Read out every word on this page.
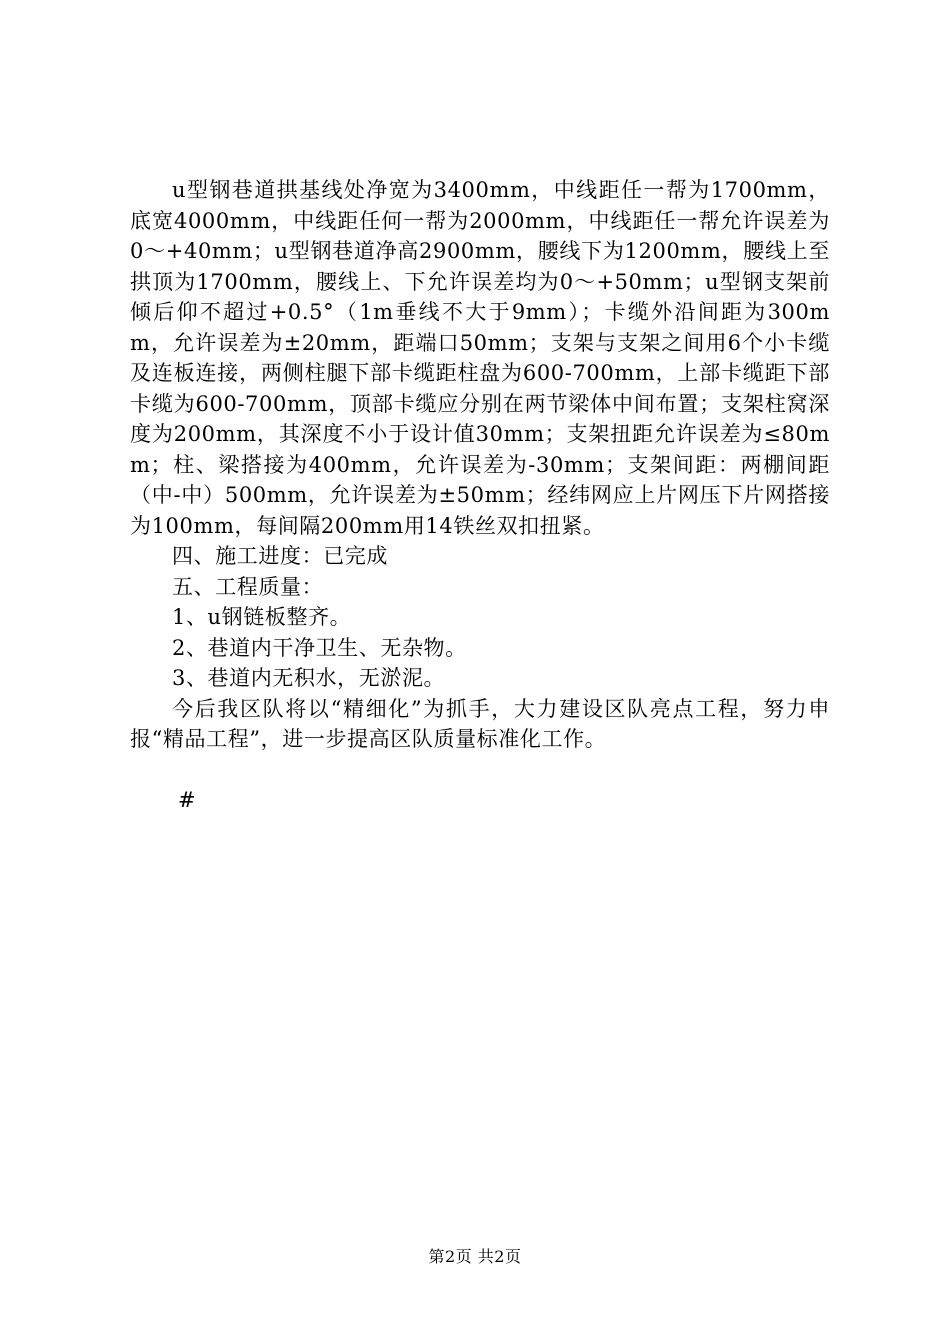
u型钢巷道拱基线处净宽为3400mm，中线距任一帮为1700mm，底宽4000mm，中线距任何一帮为2000mm，中线距任一帮允许误差为0～+40mm；u型钢巷道净高2900mm，腰线下为1200mm，腰线上至拱顶为1700mm，腰线上、下允许误差均为0～+50mm；u型钢支架前倾后仰不超过+0.5°（1m垂线不大于9mm）；卡缆外沿间距为300mm，允许误差为±20mm，距端口50mm；支架与支架之间用6个小卡缆及连板连接，两侧柱腿下部卡缆距柱盘为600-700mm，上部卡缆距下部卡缆为600-700mm，顶部卡缆应分别在两节梁体中间布置；支架柱窝深度为200mm，其深度不小于设计值30mm；支架扭距允许误差为≤80mm；柱、梁搭接为400mm，允许误差为-30mm；支架间距：两棚间距（中-中）500mm，允许误差为±50mm；经纬网应上片网压下片网搭接为100mm，每间隔200mm用14铁丝双扣扭紧。

四、施工进度：已完成

五、工程质量：

1、u钢链板整齐。

2、巷道内干净卫生、无杂物。

3、巷道内无积水，无淤泥。

今后我区队将以“精细化”为抓手，大力建设区队亮点工程，努力申报“精品工程”，进一步提高区队质量标准化工作。

#

第2页 共2页
